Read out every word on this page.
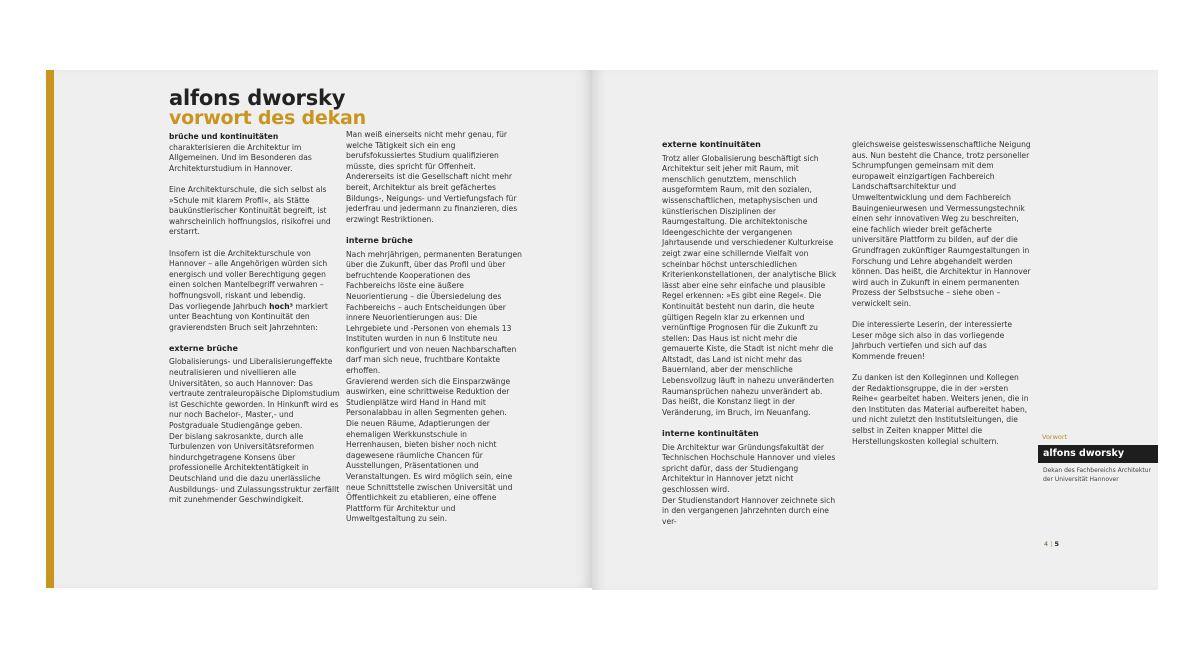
alfons dworsky
vorwort des dekan

brüche und kontinuitäten charakterisieren die Architektur im Allgemeinen. Und im Besonderen das Architekturstudium in Hannover.

Eine Architekturschule, die sich selbst als »Schule mit klarem Profil«, als Stätte baukünstlerischer Kontinuität begreift, ist wahrscheinlich hoffnungslos, risikofrei und erstarrt.

Insofern ist die Architekturschule von Hannover – alle Angehörigen würden sich energisch und voller Berechtigung gegen einen solchen Mantelbegriff verwahren – hoffnungsvoll, riskant und lebendig.

Das vorliegende Jahrbuch hoch³ markiert unter Beachtung von Kontinuität den gravierendsten Bruch seit Jahrzehnten:

externe brüche

Globalisierungs- und Liberalisierungeffekte neutralisieren und nivellieren alle Universitäten, so auch Hannover: Das vertraute zentraleuropäische Diplomstudium ist Geschichte geworden. In Hinkunft wird es nur noch Bachelor-, Master,- und Postgraduale Studiengänge geben.

Der bislang sakrosankte, durch alle Turbulenzen von Universitätsreformen hindurchgetragene Konsens über professionelle Architektentätigkeit in Deutschland und die dazu unerlässliche Ausbildungs- und Zulassungsstruktur zerfällt mit zunehmender Geschwindigkeit.

Man weiß einerseits nicht mehr genau, für welche Tätigkeit sich ein eng berufsfokussiertes Studium qualifizieren müsste, dies spricht für Offenheit. Andererseits ist die Gesellschaft nicht mehr bereit, Architektur als breit gefächertes Bildungs-, Neigungs- und Vertiefungsfach für jederfrau und jedermann zu finanzieren, dies erzwingt Restriktionen.

interne brüche

Nach mehrjährigen, permanenten Beratungen über die Zukunft, über das Profil und über befruchtende Kooperationen des Fachbereichs löste eine äußere Neuorientierung – die Übersiedelung des Fachbereichs – auch Entscheidungen über innere Neuorientierungen aus: Die Lehrgebiete und -Personen von ehemals 13 Instituten wurden in nun 6 Institute neu konfiguriert und von neuen Nachbarschaften darf man sich neue, fruchtbare Kontakte erhoffen.

Gravierend werden sich die Einsparzwänge auswirken, eine schrittweise Reduktion der Studienplätze wird Hand in Hand mit Personalabbau in allen Segmenten gehen.

Die neuen Räume, Adaptierungen der ehemaligen Werkkunstschule in Herrenhausen, bieten bisher noch nicht dagewesene räumliche Chancen für Ausstellungen, Präsentationen und Veranstaltungen. Es wird möglich sein, eine neue Schnittstelle zwischen Universität und Öffentlichkeit zu etablieren, eine offene Plattform für Architektur und Umweltgestaltung zu sein.

externe kontinuitäten

Trotz aller Globalisierung beschäftigt sich Architektur seit jeher mit Raum, mit menschlich genutztem, menschlich ausgeformtem Raum, mit den sozialen, wissenschaftlichen, metaphysischen und künstlerischen Disziplinen der Raumgestaltung. Die architektonische Ideengeschichte der vergangenen Jahrtausende und verschiedener Kulturkreise zeigt zwar eine schillernde Vielfalt von scheinbar höchst unterschiedlichen Kriterienkonstellationen, der analytische Blick lässt aber eine sehr einfache und plausible Regel erkennen: »Es gibt eine Regel«. Die Kontinuität besteht nun darin, die heute gültigen Regeln klar zu erkennen und vernünftige Prognosen für die Zukunft zu stellen: Das Haus ist nicht mehr die gemauerte Kiste, die Stadt ist nicht mehr die Altstadt, das Land ist nicht mehr das Bauernland, aber der menschliche Lebensvollzug läuft in nahezu unveränderten Raumansprüchen nahezu unverändert ab.

Das heißt, die Konstanz liegt in der Veränderung, im Bruch, im Neuanfang.

interne kontinuitäten

Die Architektur war Gründungsfakultät der Technischen Hochschule Hannover und vieles spricht dafür, dass der Studiengang Architektur in Hannover jetzt nicht geschlossen wird.

Der Studienstandort Hannover zeichnete sich in den vergangenen Jahrzehnten durch eine ver-

gleichsweise geisteswissenschaftliche Neigung aus. Nun besteht die Chance, trotz personeller Schrumpfungen gemeinsam mit dem europaweit einzigartigen Fachbereich Landschaftsarchitektur und Umweltentwicklung und dem Fachbereich Bauingenieurwesen und Vermessungstechnik einen sehr innovativen Weg zu beschreiten, eine fachlich wieder breit gefächerte universitäre Plattform zu bilden, auf der die Grundfragen zukünftiger Raumgestaltungen in Forschung und Lehre abgehandelt werden können. Das heißt, die Architektur in Hannover wird auch in Zukunft in einem permanenten Prozess der Selbstsuche – siehe oben – verwickelt sein.

Die interessierte Leserin, der interessierte Leser möge sich also in das vorliegende Jahrbuch vertiefen und sich auf das Kommende freuen!

Zu danken ist den Kolleginnen und Kollegen der Redaktionsgruppe, die in der »ersten Reihe« gearbeitet haben. Weiters jenen, die in den Instituten das Material aufbereitet haben, und nicht zuletzt den Institutsleitungen, die selbst in Zeiten knapper Mittel die Herstellungskosten kollegial schultern.	Vorwort
alfons dworsky
Dekan des Fachbereichs Architektur der Universität Hannover
4 | 5
